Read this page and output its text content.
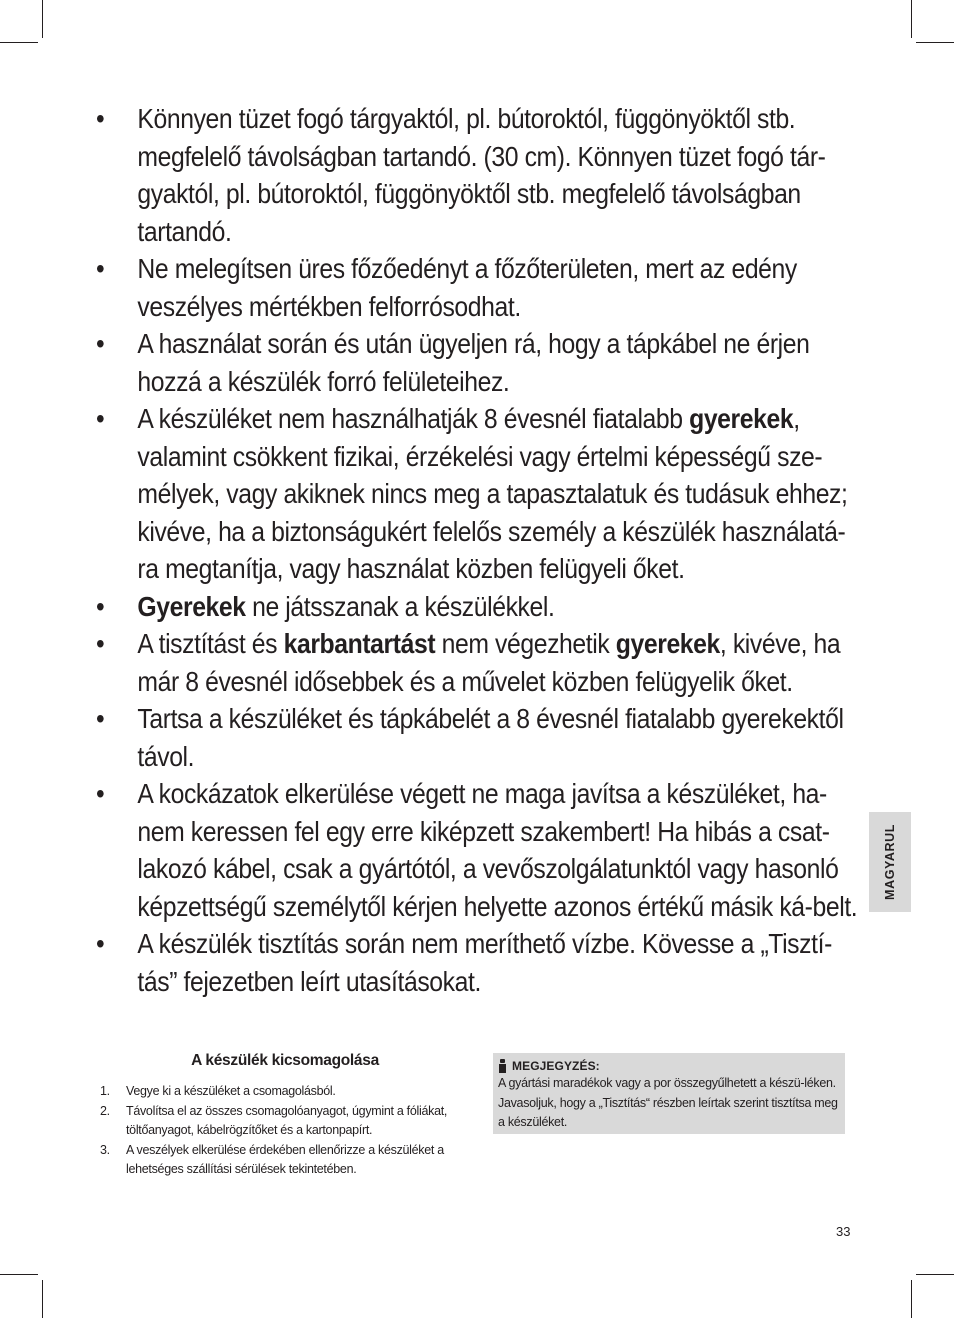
• Könnyen tüzet fogó tárgyaktól, pl. bútoroktól, függönyöktől stb. megfelelő távolságban tartandó. (30 cm). Könnyen tüzet fogó tár-gyaktól, pl. bútoroktól, függönyöktől stb. megfelelő távolságban tartandó.
• Ne melegítsen üres főzőedényt a főzőterületen, mert az edény veszélyes mértékben felforrósodhat.
• A használat során és után ügyeljen rá, hogy a tápkábel ne érjen hozzá a készülék forró felületeihez.
• A készüléket nem használhatják 8 évesnél fiatalabb gyerekek, valamint csökkent fizikai, érzékelési vagy értelmi képességű sze-mélyek, vagy akiknek nincs meg a tapasztalatuk és tudásuk ehhez; kivéve, ha a biztonságukért felelős személy a készülék használatá-ra megtanítja, vagy használat közben felügyeli őket.
• Gyerekek ne játsszanak a készülékkel.
• A tisztítást és karbantartást nem végezhetik gyerekek, kivéve, ha már 8 évesnél idősebbek és a művelet közben felügyelik őket.
• Tartsa a készüléket és tápkábelét a 8 évesnél fiatalabb gyerekektől távol.
• A kockázatok elkerülése végett ne maga javítsa a készüléket, ha-nem keressen fel egy erre kiképzett szakembert! Ha hibás a csat-lakozó kábel, csak a gyártótól, a vevőszolgálatunktól vagy hasonló képzettségű személytől kérjen helyette azonos értékű másik ká-belt.
• A készülék tisztítás során nem meríthető vízbe. Kövesse a „Tisztí-tás” fejezetben leírt utasításokat.
MAGYARUL
A készülék kicsomagolása
1. Vegye ki a készüléket a csomagolásból.
2. Távolítsa el az összes csomagolóanyagot, úgymint a fóliákat, töltőanyagot, kábelrögzítőket és a kartonpapírt.
3. A veszélyek elkerülése érdekében ellenőrizze a készüléket a lehetséges szállítási sérülések tekintetében.
MEGJEGYZÉS:
A gyártási maradékok vagy a por összegyűlhetett a készü-léken. Javasoljuk, hogy a „Tisztítás“ részben leírtak szerint tisztítsa meg a készüléket.
33
